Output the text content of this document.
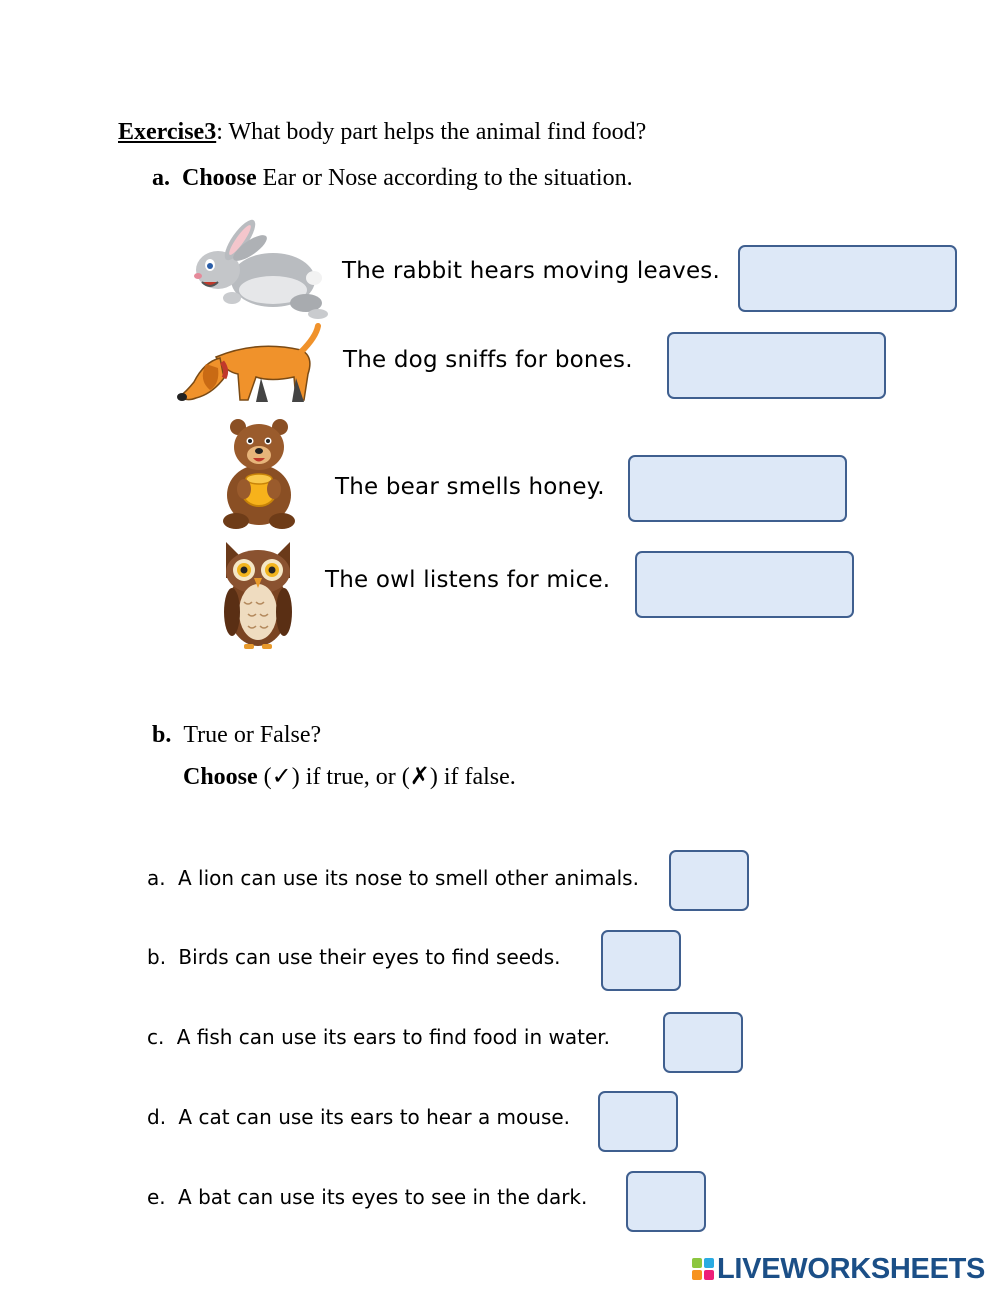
Exercise3: What body part helps the animal find food?
a. Choose Ear or Nose according to the situation.
The rabbit hears moving leaves.
The dog sniffs for bones.
The bear smells honey.
The owl listens for mice.
b. True or False?
Choose (✓) if true, or (✗) if false.
a. A lion can use its nose to smell other animals.
b. Birds can use their eyes to find seeds.
c. A fish can use its ears to find food in water.
d. A cat can use its ears to hear a mouse.
e. A bat can use its eyes to see in the dark.
LIVEWORKSHEETS
